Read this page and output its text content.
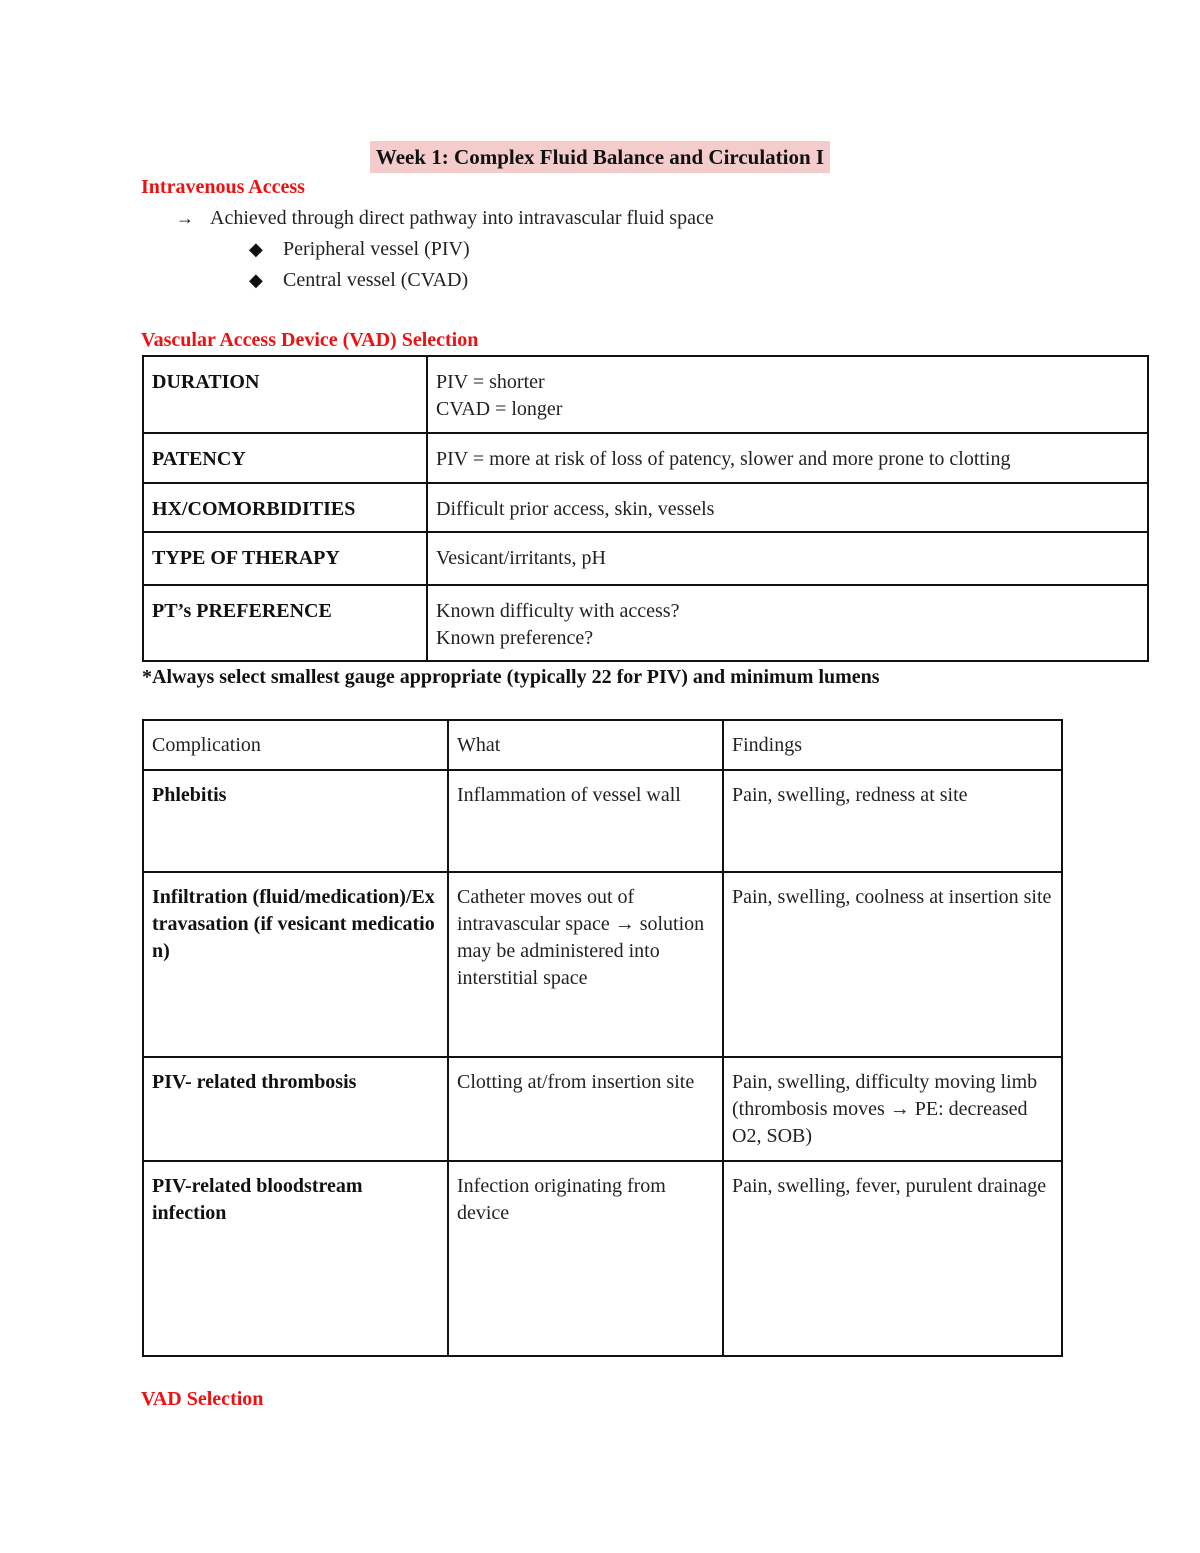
Week 1: Complex Fluid Balance and Circulation I
Intravenous Access
→ Achieved through direct pathway into intravascular fluid space
◆ Peripheral vessel (PIV)
◆ Central vessel (CVAD)
Vascular Access Device (VAD) Selection
DURATION	PIV = shorter
CVAD = longer

PATENCY	PIV = more at risk of loss of patency, slower and more prone to clotting

HX/COMORBIDITIES	Difficult prior access, skin, vessels

TYPE OF THERAPY	Vesicant/irritants, pH

PT’s PREFERENCE	Known difficulty with access?
Known preference?
*Always select smallest gauge appropriate (typically 22 for PIV) and minimum lumens
Complication	What	Findings
Phlebitis	Inflammation of vessel wall	Pain, swelling, redness at site
Infiltration (fluid/medication)/Extravasation (if vesicant medication)	Catheter moves out of intravascular space → solution may be administered into interstitial space	Pain, swelling, coolness at insertion site
PIV- related thrombosis	Clotting at/from insertion site	Pain, swelling, difficulty moving limb (thrombosis moves → PE: decreased O2, SOB)
PIV-related bloodstream infection	Infection originating from device	Pain, swelling, fever, purulent drainage
VAD Selection
